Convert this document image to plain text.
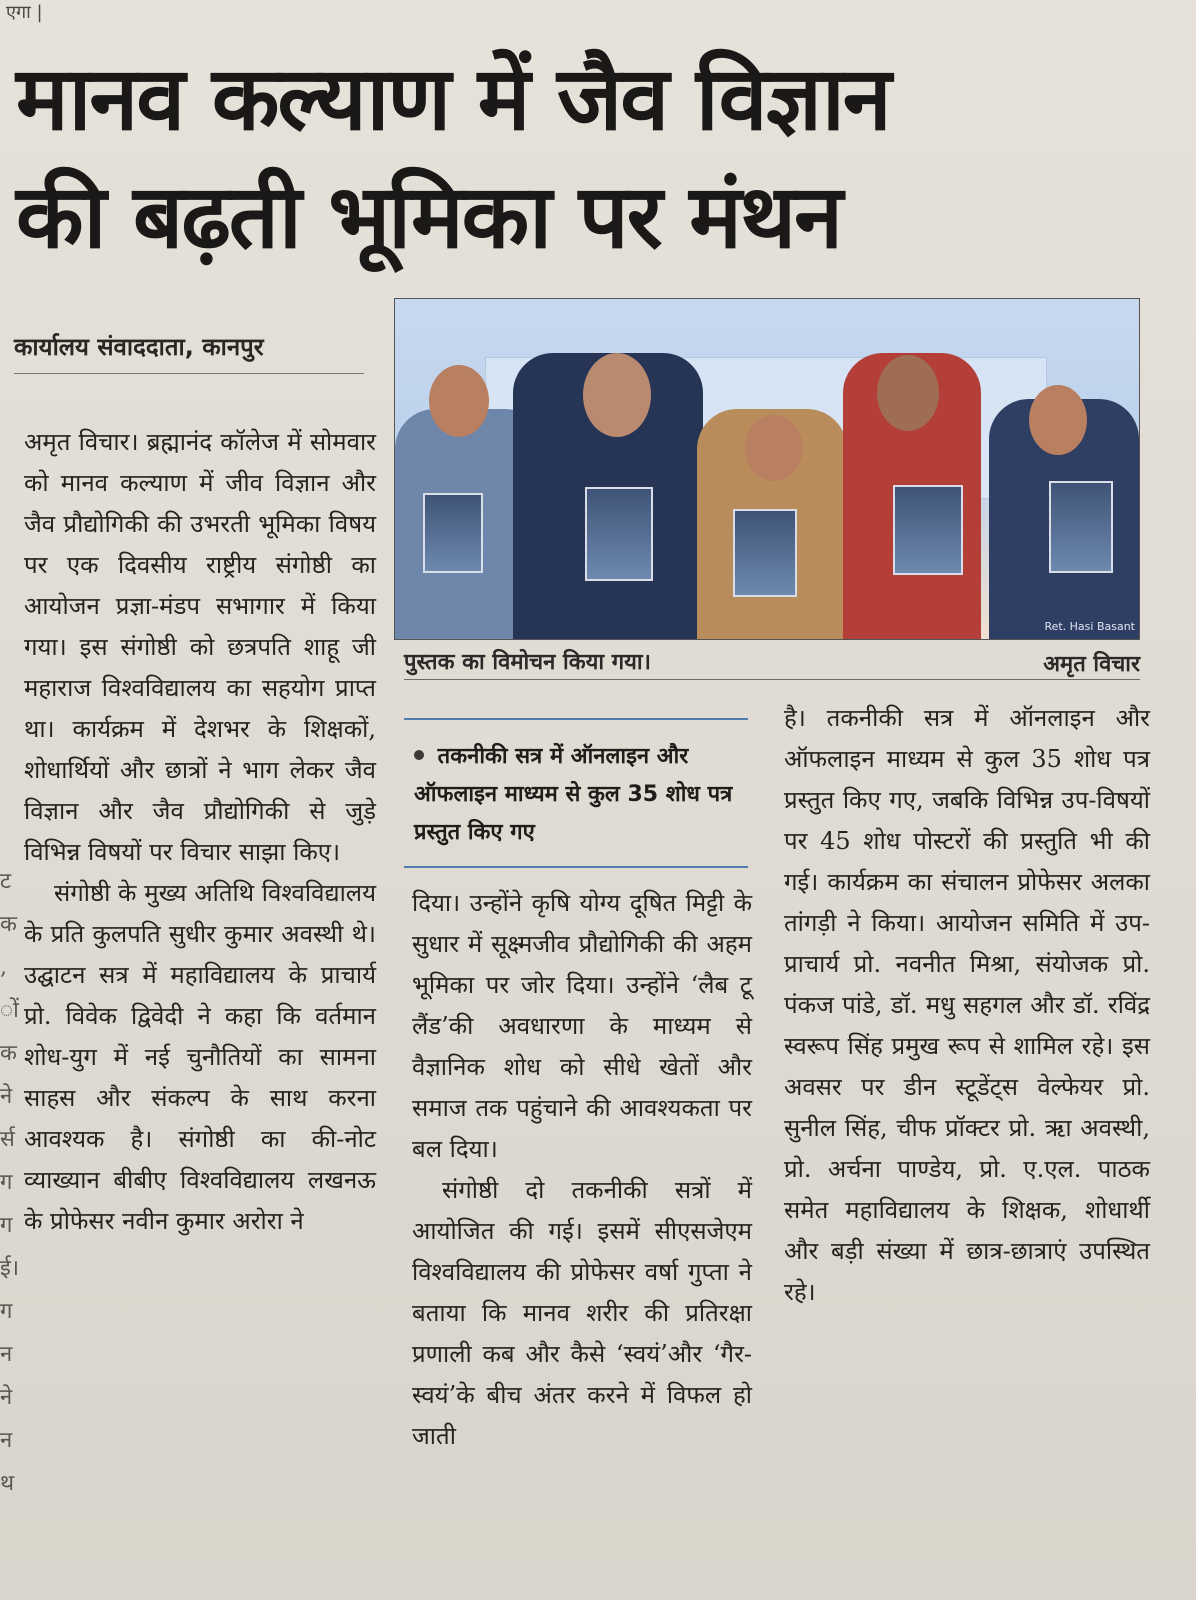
एगा |
मानव कल्याण में जैव विज्ञान
की बढ़ती भूमिका पर मंथन
कार्यालय संवाददाता, कानपुर
Ret. Hasi Basant
पुस्तक का विमोचन किया गया।	अमृत विचार
तकनीकी सत्र में ऑनलाइन और ऑफलाइन माध्यम से कुल 35 शोध पत्र प्रस्तुत किए गए

अमृत विचार। ब्रह्मानंद कॉलेज में सोमवार को मानव कल्याण में जीव विज्ञान और जैव प्रौद्योगिकी की उभरती भूमिका विषय पर एक दिवसीय राष्ट्रीय संगोष्ठी का आयोजन प्रज्ञा-मंडप सभागार में किया गया। इस संगोष्ठी को छत्रपति शाहू जी महाराज विश्वविद्यालय का सहयोग प्राप्त था। कार्यक्रम में देशभर के शिक्षकों, शोधार्थियों और छात्रों ने भाग लेकर जैव विज्ञान और जैव प्रौद्योगिकी से जुड़े विभिन्न विषयों पर विचार साझा किए।

संगोष्ठी के मुख्य अतिथि विश्वविद्यालय के प्रति कुलपति सुधीर कुमार अवस्थी थे। उद्घाटन सत्र में महाविद्यालय के प्राचार्य प्रो. विवेक द्विवेदी ने कहा कि वर्तमान शोध-युग में नई चुनौतियों का सामना साहस और संकल्प के साथ करना आवश्यक है। संगोष्ठी का की-नोट व्याख्यान बीबीए विश्वविद्यालय लखनऊ के प्रोफेसर नवीन कुमार अरोरा ने

दिया। उन्होंने कृषि योग्य दूषित मिट्टी के सुधार में सूक्ष्मजीव प्रौद्योगिकी की अहम भूमिका पर जोर दिया। उन्होंने ‘लैब टू लैंड’की अवधारणा के माध्यम से वैज्ञानिक शोध को सीधे खेतों और समाज तक पहुंचाने की आवश्यकता पर बल दिया।

संगोष्ठी दो तकनीकी सत्रों में आयोजित की गई। इसमें सीएसजेएम विश्वविद्यालय की प्रोफेसर वर्षा गुप्ता ने बताया कि मानव शरीर की प्रतिरक्षा प्रणाली कब और कैसे ‘स्वयं’और ‘गैर-स्वयं’के बीच अंतर करने में विफल हो जाती

है। तकनीकी सत्र में ऑनलाइन और ऑफलाइन माध्यम से कुल 35 शोध पत्र प्रस्तुत किए गए, जबकि विभिन्न उप-विषयों पर 45 शोध पोस्टरों की प्रस्तुति भी की गई। कार्यक्रम का संचालन प्रोफेसर अलका तांगड़ी ने किया। आयोजन समिति में उप-प्राचार्य प्रो. नवनीत मिश्रा, संयोजक प्रो. पंकज पांडे, डॉ. मधु सहगल और डॉ. रविंद्र स्वरूप सिंह प्रमुख रूप से शामिल रहे। इस अवसर पर डीन स्टूडेंट्स वेल्फेयर प्रो. सुनील सिंह, चीफ प्रॉक्टर प्रो. ऋा अवस्थी, प्रो. अर्चना पाण्डेय, प्रो. ए.एल. पाठक समेत महाविद्यालय के शिक्षक, शोधार्थी और बड़ी संख्या में छात्र-छात्राएं उपस्थित रहे।

ट
क
,
ों
क
ने
र्स
ग
ग
ई।
ग
न
ने
न
थ
